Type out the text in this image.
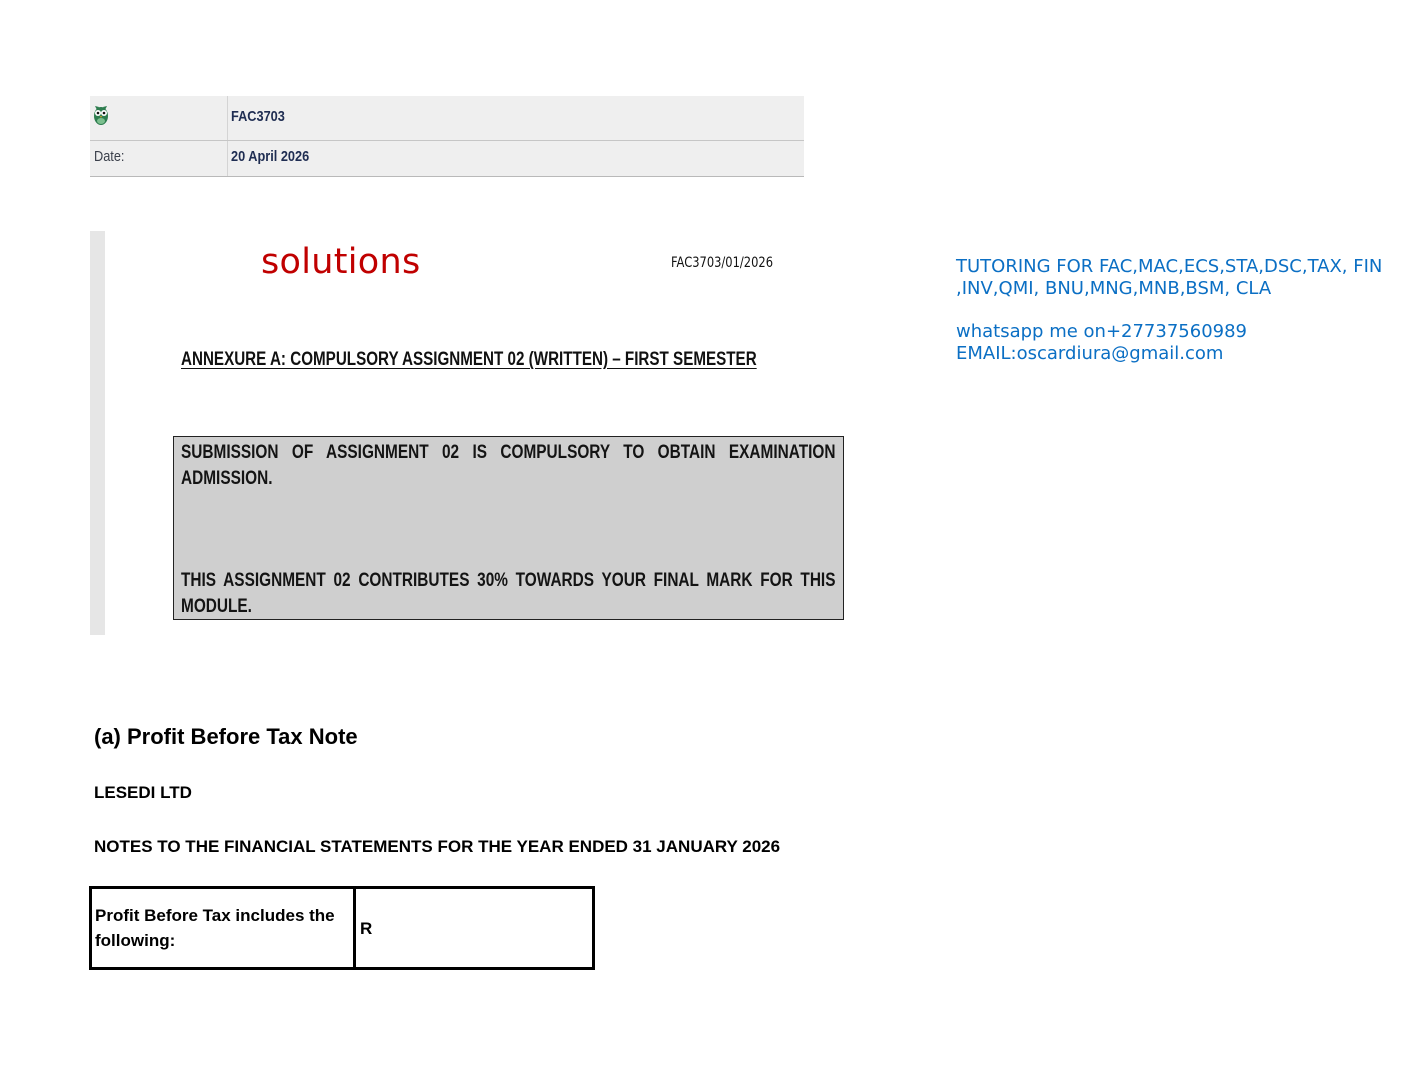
FAC3703
Date:	20 April 2026
solutions	FAC3703/01/2026
ANNEXURE A: COMPULSORY ASSIGNMENT 02 (WRITTEN) – FIRST SEMESTER
SUBMISSION OF ASSIGNMENT 02 IS COMPULSORY TO OBTAIN EXAMINATION ADMISSION.
THIS ASSIGNMENT 02 CONTRIBUTES 30% TOWARDS YOUR FINAL MARK FOR THIS MODULE.
TUTORING FOR FAC,MAC,ECS,STA,DSC,TAX, FIN
,INV,QMI, BNU,MNG,MNB,BSM, CLA
whatsapp me on+27737560989
EMAIL:oscardiura@gmail.com
(a) Profit Before Tax Note
LESEDI LTD
NOTES TO THE FINANCIAL STATEMENTS FOR THE YEAR ENDED 31 JANUARY 2026
Profit Before Tax includes the following:	R
